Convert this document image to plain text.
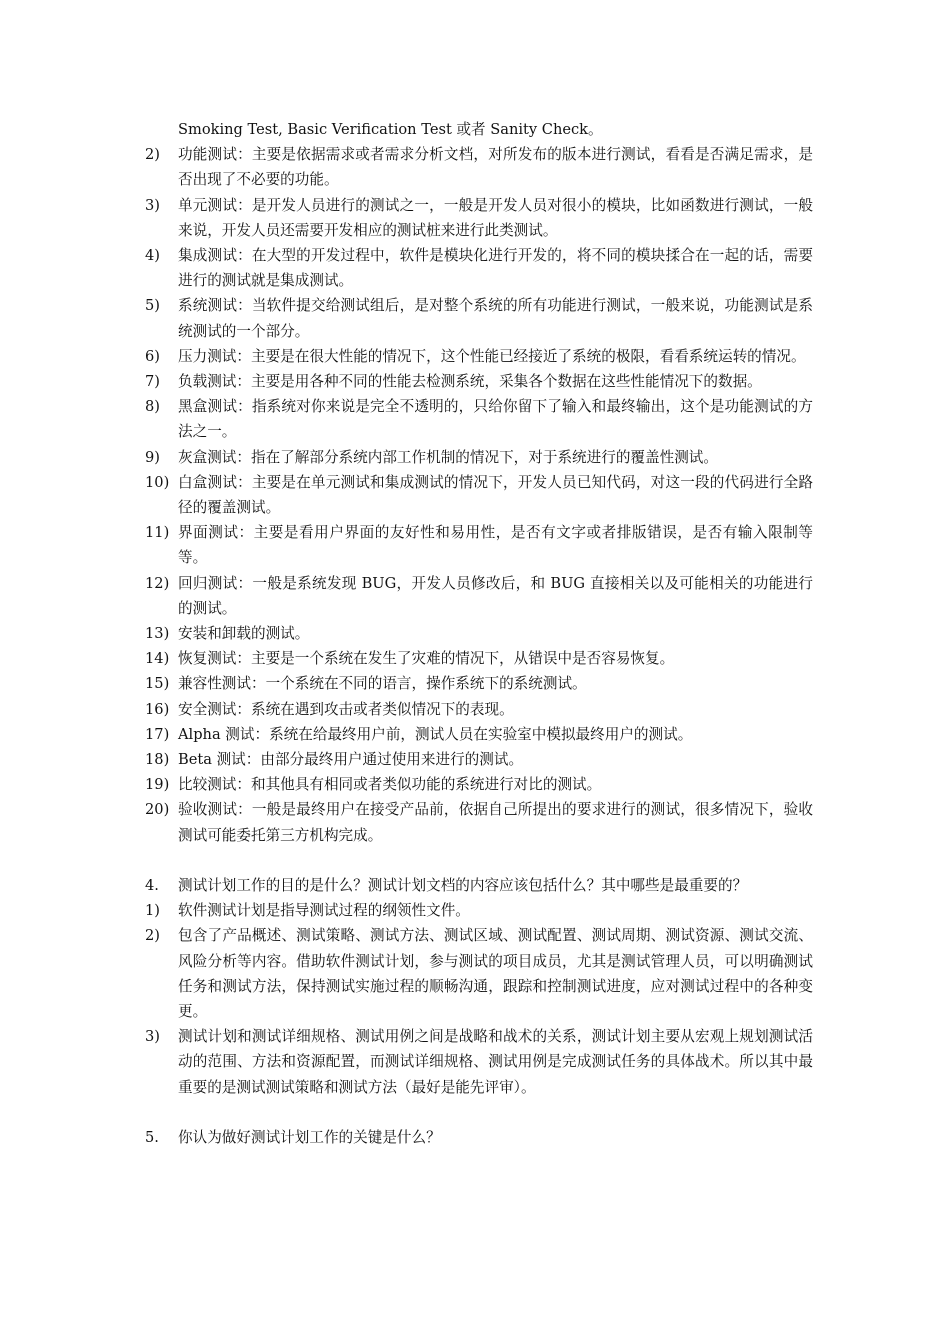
Smoking Test, Basic Verification Test 或者 Sanity Check。
2)	功能测试：主要是依据需求或者需求分析文档，对所发布的版本进行测试，看看是否满足需求，是否出现了不必要的功能。
3)	单元测试：是开发人员进行的测试之一，一般是开发人员对很小的模块，比如函数进行测试，一般来说，开发人员还需要开发相应的测试桩来进行此类测试。
4)	集成测试：在大型的开发过程中，软件是模块化进行开发的，将不同的模块揉合在一起的话，需要进行的测试就是集成测试。
5)	系统测试：当软件提交给测试组后，是对整个系统的所有功能进行测试，一般来说，功能测试是系统测试的一个部分。
6)	压力测试：主要是在很大性能的情况下，这个性能已经接近了系统的极限，看看系统运转的情况。
7)	负载测试：主要是用各种不同的性能去检测系统，采集各个数据在这些性能情况下的数据。
8)	黑盒测试：指系统对你来说是完全不透明的，只给你留下了输入和最终输出，这个是功能测试的方法之一。
9)	灰盒测试：指在了解部分系统内部工作机制的情况下，对于系统进行的覆盖性测试。
10) 白盒测试：主要是在单元测试和集成测试的情况下，开发人员已知代码，对这一段的代码进行全路径的覆盖测试。
11) 界面测试：主要是看用户界面的友好性和易用性，是否有文字或者排版错误，是否有输入限制等等。
12) 回归测试：一般是系统发现 BUG，开发人员修改后，和 BUG 直接相关以及可能相关的功能进行的测试。
13) 安装和卸载的测试。
14) 恢复测试：主要是一个系统在发生了灾难的情况下，从错误中是否容易恢复。
15) 兼容性测试：一个系统在不同的语言，操作系统下的系统测试。
16) 安全测试：系统在遇到攻击或者类似情况下的表现。
17) Alpha 测试：系统在给最终用户前，测试人员在实验室中模拟最终用户的测试。
18) Beta 测试：由部分最终用户通过使用来进行的测试。
19) 比较测试：和其他具有相同或者类似功能的系统进行对比的测试。
20) 验收测试：一般是最终用户在接受产品前，依据自己所提出的要求进行的测试，很多情况下，验收测试可能委托第三方机构完成。
4.	测试计划工作的目的是什么？测试计划文档的内容应该包括什么？其中哪些是最重要的？
1)	软件测试计划是指导测试过程的纲领性文件。
2)	包含了产品概述、测试策略、测试方法、测试区域、测试配置、测试周期、测试资源、测试交流、风险分析等内容。借助软件测试计划，参与测试的项目成员，尤其是测试管理人员，可以明确测试任务和测试方法，保持测试实施过程的顺畅沟通，跟踪和控制测试进度，应对测试过程中的各种变更。
3)	测试计划和测试详细规格、测试用例之间是战略和战术的关系，测试计划主要从宏观上规划测试活动的范围、方法和资源配置，而测试详细规格、测试用例是完成测试任务的具体战术。所以其中最重要的是测试测试策略和测试方法（最好是能先评审）。
5.	你认为做好测试计划工作的关键是什么？
